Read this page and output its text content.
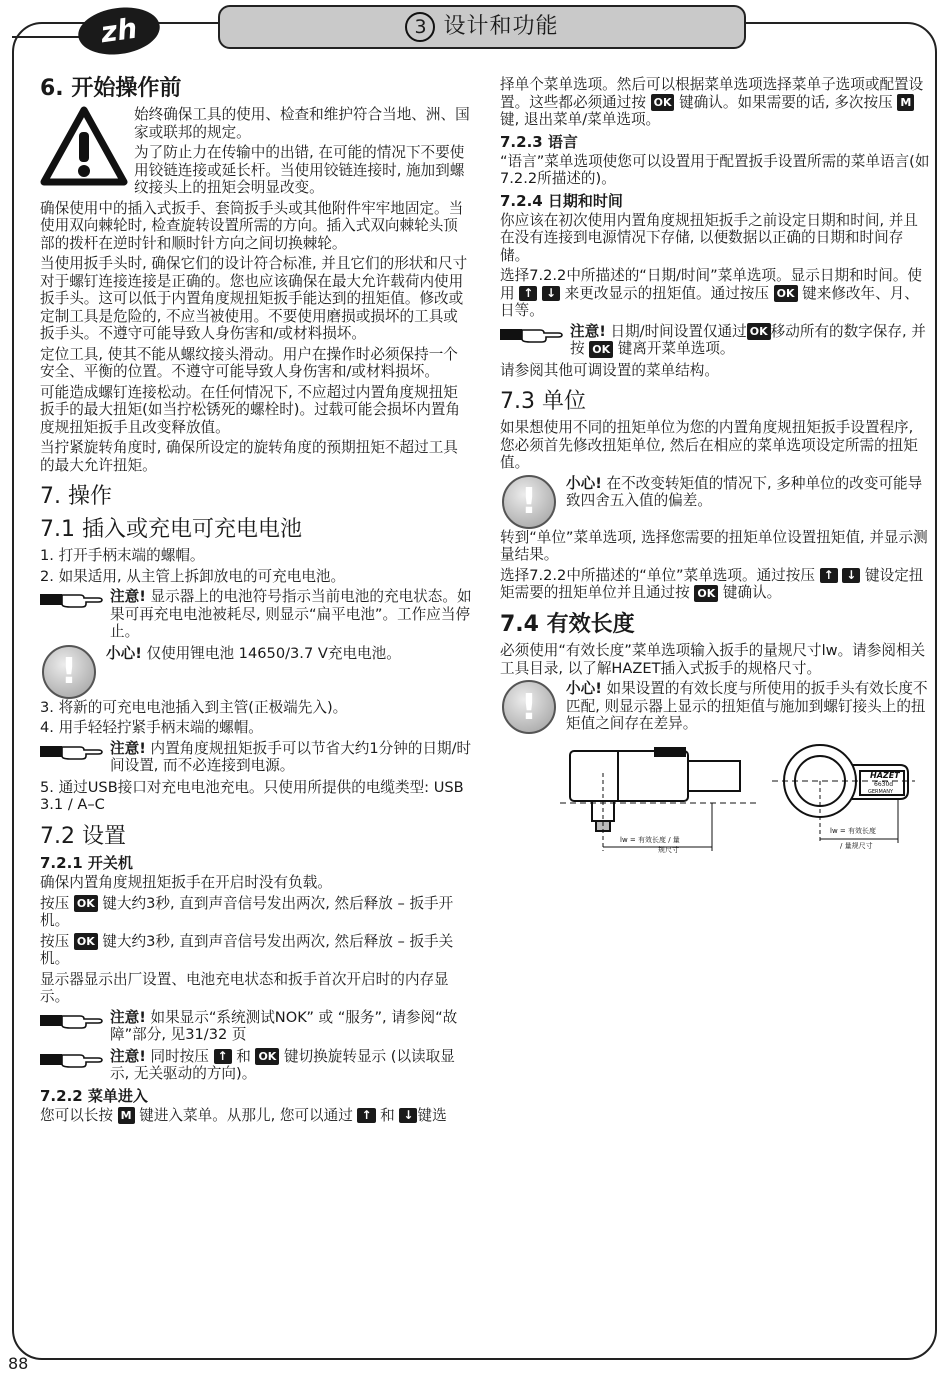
zh	3 设计和功能
6. 开始操作前

始终确保工具的使用、检查和维护符合当地、洲、国家或联邦的规定。

为了防止力在传输中的出错, 在可能的情况下不要使用铰链连接或延长杆。当使用铰链连接时, 施加到螺纹接头上的扭矩会明显改变。

确保使用中的插入式扳手、套筒扳手头或其他附件牢牢地固定。当使用双向棘轮时, 检查旋转设置所需的方向。插入式双向棘轮头顶部的拨杆在逆时针和顺时针方向之间切换棘轮。

当使用扳手头时, 确保它们的设计符合标准, 并且它们的形状和尺寸对于螺钉连接连接是正确的。您也应该确保在最大允许载荷内使用扳手头。这可以低于内置角度规扭矩扳手能达到的扭矩值。修改或定制工具是危险的, 不应当被使用。不要使用磨损或损坏的工具或扳手头。不遵守可能导致人身伤害和/或材料损坏。

定位工具, 使其不能从螺纹接头滑动。用户在操作时必须保持一个安全、平衡的位置。不遵守可能导致人身伤害和/或材料损坏。

可能造成螺钉连接松动。在任何情况下, 不应超过内置角度规扭矩扳手的最大扭矩(如当拧松锈死的螺栓时)。过载可能会损坏内置角度规扭矩扳手且改变释放值。

当拧紧旋转角度时, 确保所设定的旋转角度的预期扭矩不超过工具的最大允许扭矩。

7. 操作
7.1 插入或充电可充电电池

1. 打开手柄末端的螺帽。

2. 如果适用, 从主管上拆卸放电的可充电电池。

注意! 显示器上的电池符号指示当前电池的充电状态。如果可再充电电池被耗尽, 则显示“扁平电池”。工作应当停止。
! 小心! 仅使用锂电池 14650/3.7 V充电电池。

3. 将新的可充电电池插入到主管(正极端先入)。

4. 用手轻轻拧紧手柄末端的螺帽。

注意! 内置角度规扭矩扳手可以节省大约1分钟的日期/时间设置, 而不必连接到电源。

5. 通过USB接口对充电电池充电。只使用所提供的电缆类型: USB 3.1 / A–C

7.2 设置
7.2.1 开关机

确保内置角度规扭矩扳手在开启时没有负载。

按压 OK 键大约3秒, 直到声音信号发出两次, 然后释放 – 扳手开机。

按压 OK 键大约3秒, 直到声音信号发出两次, 然后释放 – 扳手关机。

显示器显示出厂设置、电池充电状态和扳手首次开启时的内存显示。

注意! 如果显示“系统测试NOK” 或 “服务”, 请参阅“故障”部分, 见31/32 页
注意! 同时按压 ↑ 和 OK 键切换旋转显示 (以读取显示, 无关驱动的方向)。
7.2.2 菜单进入

您可以长按 M 键进入菜单。从那儿, 您可以通过 ↑ 和 ↓ 键选

择单个菜单选项。然后可以根据菜单选项选择菜单子选项或配置设置。这些都必须通过按 OK 键确认。如果需要的话, 多次按压 M 键, 退出菜单/菜单选项。

7.2.3 语言

“语言”菜单选项使您可以设置用于配置扳手设置所需的菜单语言(如7.2.2所描述的)。

7.2.4 日期和时间

你应该在初次使用内置角度规扭矩扳手之前设定日期和时间, 并且在没有连接到电源情况下存储, 以便数据以正确的日期和时间存储。

选择7.2.2中所描述的“日期/时间”菜单选项。显示日期和时间。使用 ↑ ↓ 来更改显示的扭矩值。通过按压 OK 键来修改年、月、日等。

注意! 日期/时间设置仅通过 OK 移动所有的数字保存, 并按 OK 键离开菜单选项。

请参阅其他可调设置的菜单结构。

7.3 单位

如果想使用不同的扭矩单位为您的内置角度规扭矩扳手设置程序, 您必须首先修改扭矩单位, 然后在相应的菜单选项设定所需的扭矩值。

! 小心! 在不改变转矩值的情况下, 多种单位的改变可能导致四舍五入值的偏差。

转到“单位”菜单选项, 选择您需要的扭矩单位设置扭矩值, 并显示测量结果。

选择7.2.2中所描述的“单位”菜单选项。通过按压 ↑ ↓ 键设定扭矩需要的扭矩单位并且通过按 OK 键确认。

7.4 有效长度

必须使用“有效长度”菜单选项输入扳手的量规尺寸lw。请参阅相关工具目录, 以了解HAZET插入式扳手的规格尺寸。

! 小心! 如果设置的有效长度与所使用的扳手头有效长度不匹配, 则显示器上显示的扭矩值与施加到螺钉接头上的扭矩值之间存在差异。
lw = 有效长度 / 量
规尺寸
HAZET
6630d
GERMANY
lw = 有效长度
/ 量规尺寸
88
